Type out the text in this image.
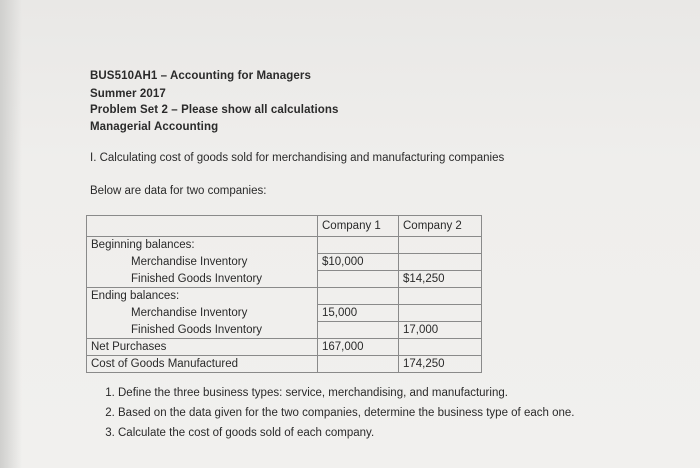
BUS510AH1 – Accounting for Managers
Summer 2017
Problem Set 2 – Please show all calculations
Managerial Accounting
I. Calculating cost of goods sold for merchandising and manufacturing companies
Below are data for two companies:
	Company 1	Company 2
Beginning balances:		
Merchandise Inventory	$10,000	
Finished Goods Inventory		$14,250
Ending balances:		
Merchandise Inventory	15,000	
Finished Goods Inventory		17,000
Net Purchases	167,000	
Cost of Goods Manufactured		174,250
1. Define the three business types: service, merchandising, and manufacturing.
2. Based on the data given for the two companies, determine the business type of each one.
3. Calculate the cost of goods sold of each company.
